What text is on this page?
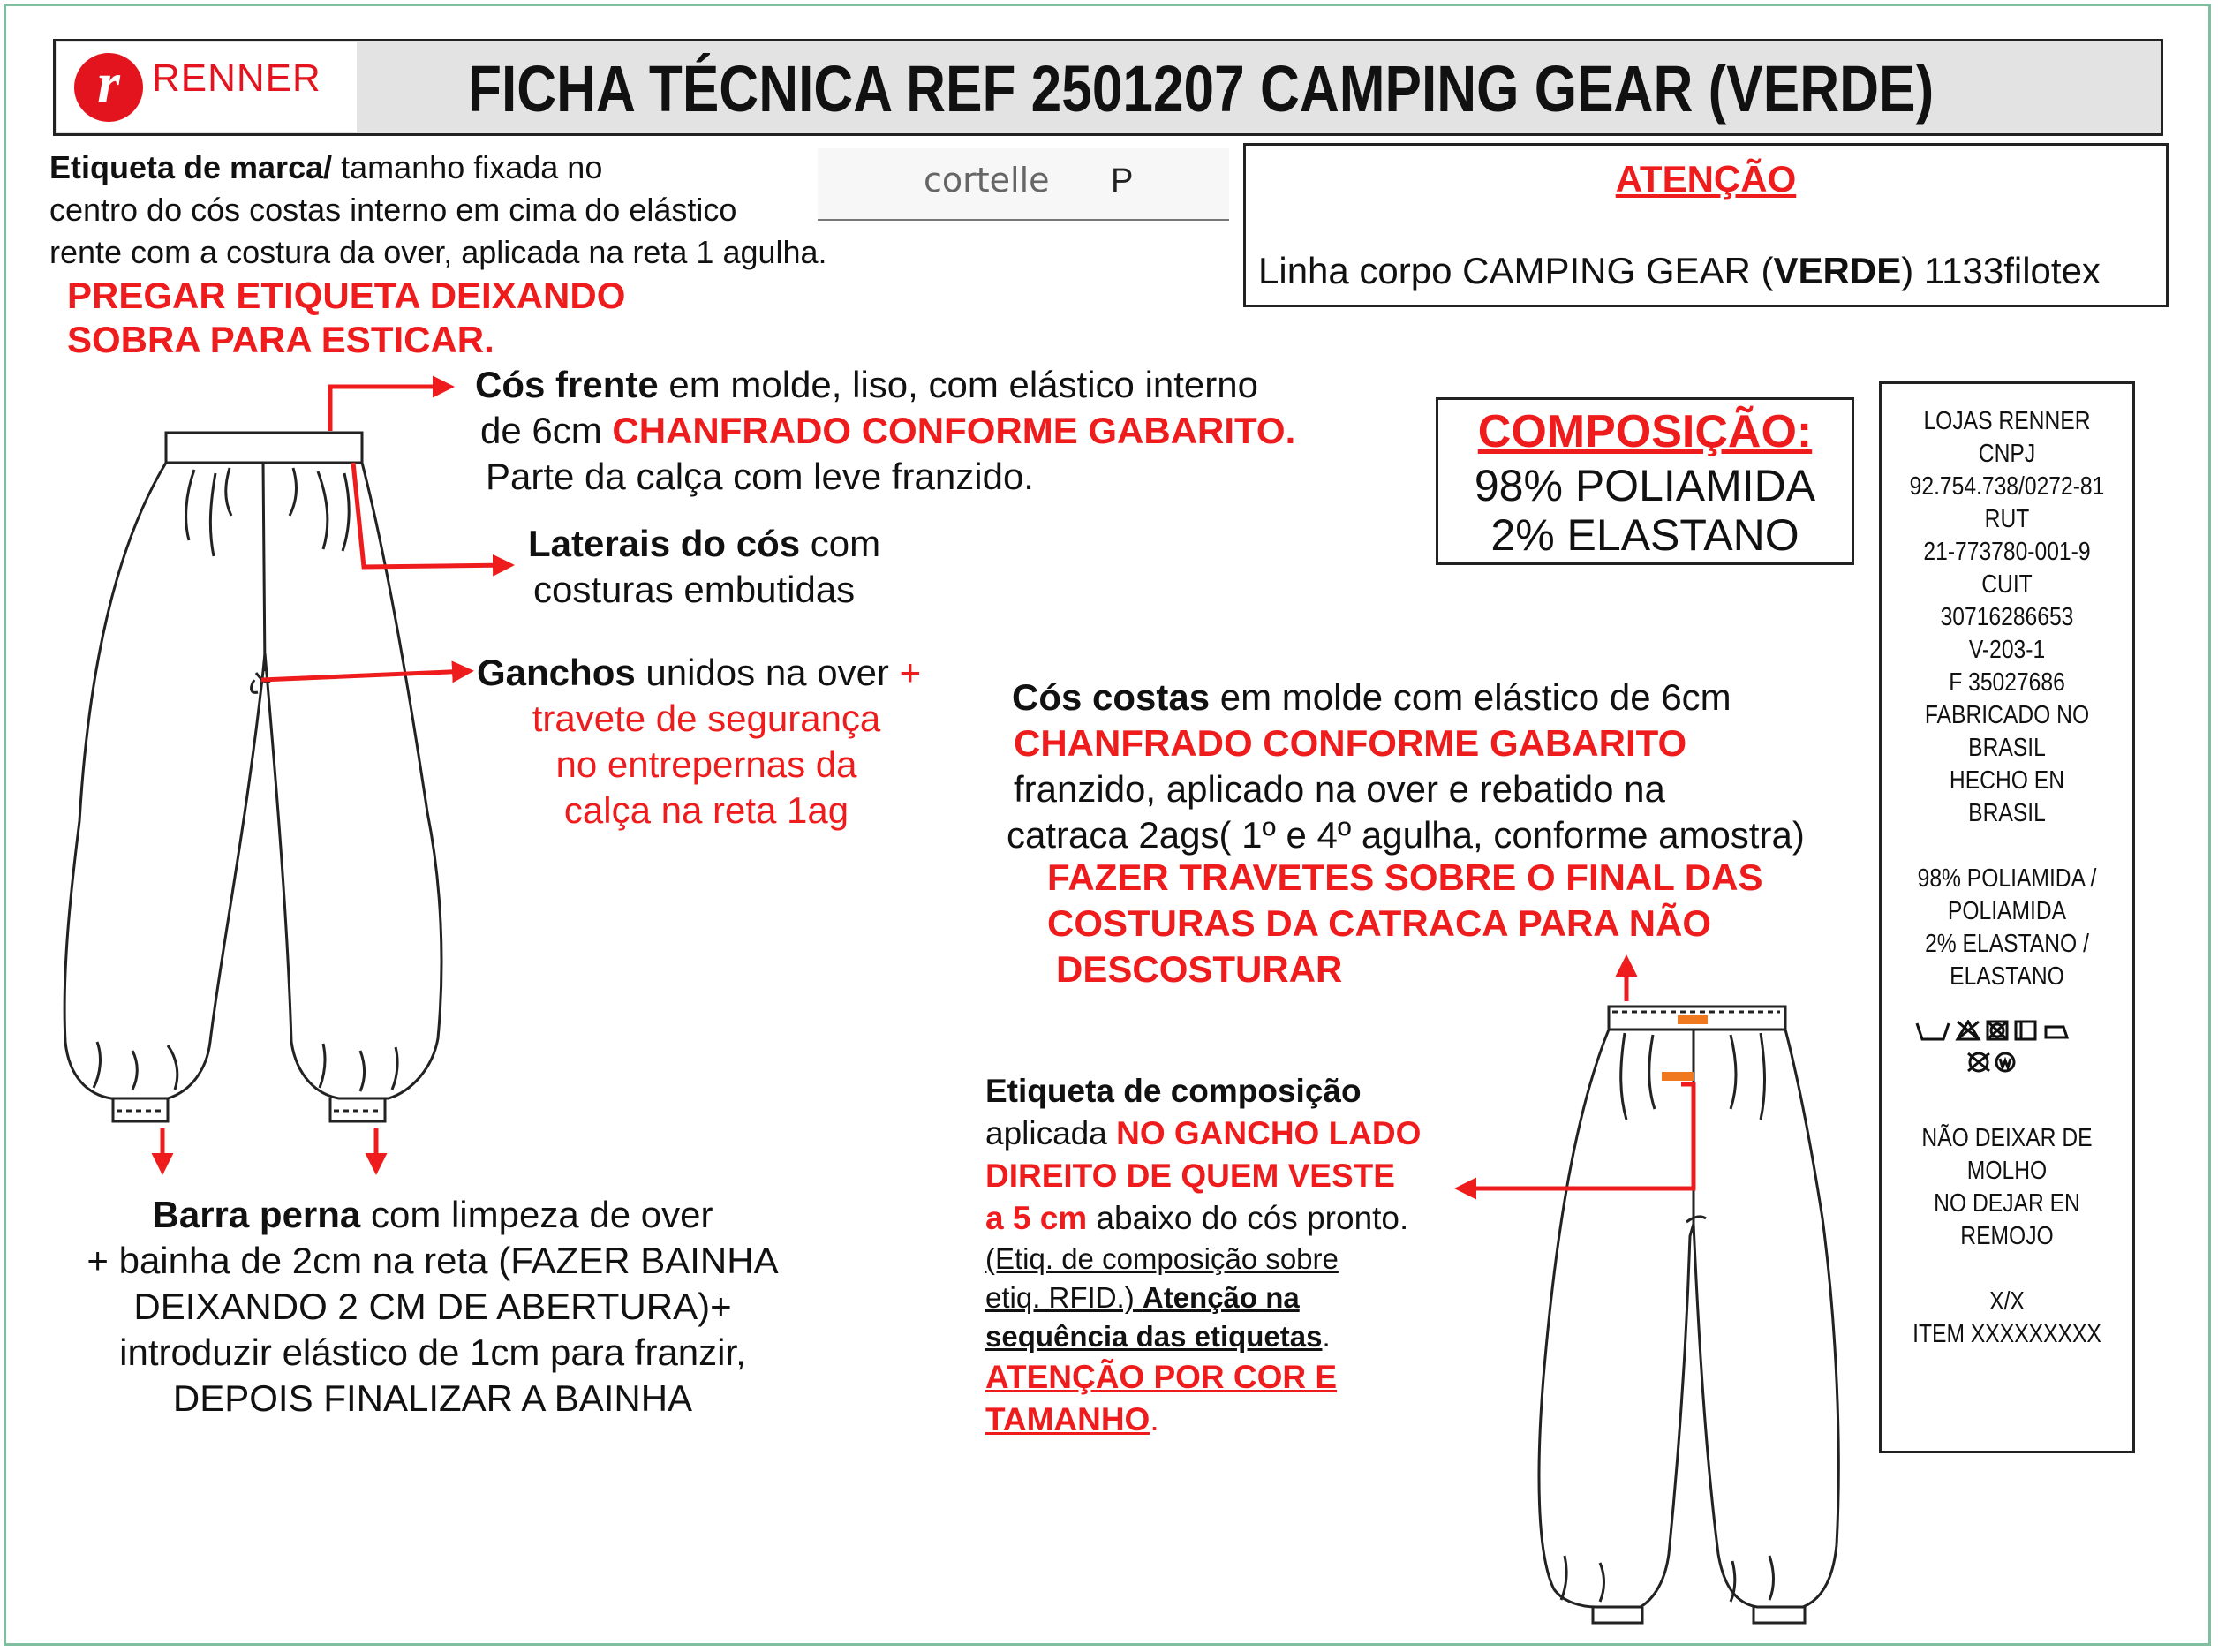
r RENNER FICHA TÉCNICA REF 2501207 CAMPING GEAR (VERDE)
Etiqueta de marca/ tamanho fixada no
centro do cós costas interno em cima do elástico
rente com a costura da over, aplicada na reta 1 agulha.
PREGAR ETIQUETA DEIXANDO
SOBRA PARA ESTICAR.
cortelle P	ATENÇÃO
Linha corpo CAMPING GEAR (VERDE) 1133filotex
Cós frente em molde, liso, com elástico interno
de 6cm CHANFRADO CONFORME GABARITO.
Parte da calça com leve franzido.
Laterais do cós com
costuras embutidas
Ganchos unidos na over +
travete de segurança
no entrepernas da
calça na reta 1ag
COMPOSIÇÃO:
98% POLIAMIDA
2% ELASTANO
LOJAS RENNER
CNPJ
92.754.738/0272-81
RUT
21-773780-001-9
CUIT
30716286653
V-203-1
F 35027686
FABRICADO NO BRASIL
HECHO EN
BRASIL

98% POLIAMIDA /
POLIAMIDA
2% ELASTANO /
ELASTANO
NÃO DEIXAR DE
MOLHO
NO DEJAR EN
REMOJO

X/X
ITEM XXXXXXXXX
Cós costas em molde com elástico de 6cm
CHANFRADO CONFORME GABARITO
franzido, aplicado na over e rebatido na
catraca 2ags( 1º e 4º agulha, conforme amostra)
FAZER TRAVETES SOBRE O FINAL DAS
COSTURAS DA CATRACA PARA NÃO
DESCOSTURAR
Barra perna com limpeza de over
+ bainha de 2cm na reta (FAZER BAINHA
DEIXANDO 2 CM DE ABERTURA)+
introduzir elástico de 1cm para franzir,
DEPOIS FINALIZAR A BAINHA
Etiqueta de composição
aplicada NO GANCHO LADO
DIREITO DE QUEM VESTE
a 5 cm abaixo do cós pronto.
(Etiq. de composição sobre
etiq. RFID.) Atenção na
sequência das etiquetas.
ATENÇÃO POR COR E
TAMANHO.
